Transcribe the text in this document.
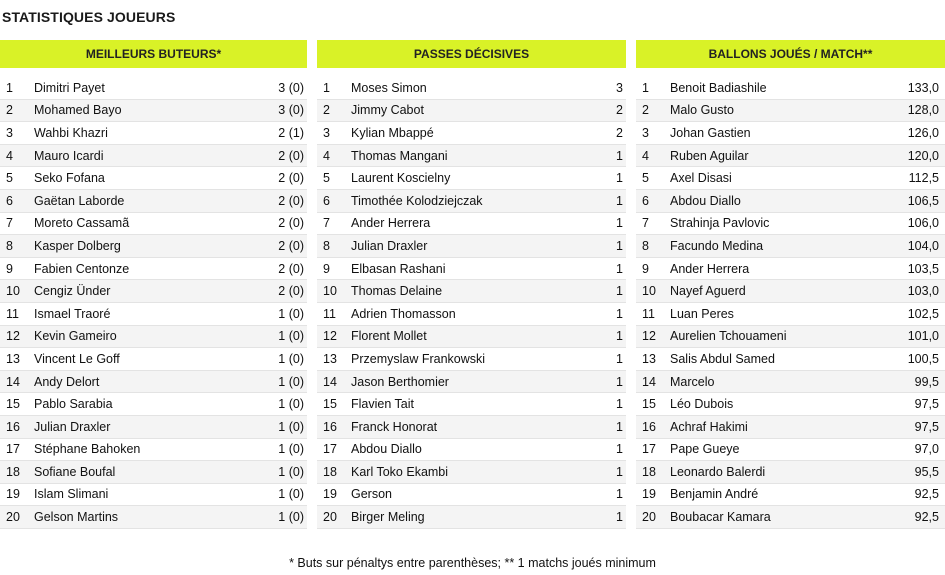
STATISTIQUES JOUEURS
MEILLEURS BUTEURS*
1	Dimitri Payet	3 (0)
2	Mohamed Bayo	3 (0)
3	Wahbi Khazri	2 (1)
4	Mauro Icardi	2 (0)
5	Seko Fofana	2 (0)
6	Gaëtan Laborde	2 (0)
7	Moreto Cassamã	2 (0)
8	Kasper Dolberg	2 (0)
9	Fabien Centonze	2 (0)
10	Cengiz Ünder	2 (0)
11	Ismael Traoré	1 (0)
12	Kevin Gameiro	1 (0)
13	Vincent Le Goff	1 (0)
14	Andy Delort	1 (0)
15	Pablo Sarabia	1 (0)
16	Julian Draxler	1 (0)
17	Stéphane Bahoken	1 (0)
18	Sofiane Boufal	1 (0)
19	Islam Slimani	1 (0)
20	Gelson Martins	1 (0)
PASSES DÉCISIVES
1	Moses Simon	3
2	Jimmy Cabot	2
3	Kylian Mbappé	2
4	Thomas Mangani	1
5	Laurent Koscielny	1
6	Timothée Kolodziejczak	1
7	Ander Herrera	1
8	Julian Draxler	1
9	Elbasan Rashani	1
10	Thomas Delaine	1
11	Adrien Thomasson	1
12	Florent Mollet	1
13	Przemyslaw Frankowski	1
14	Jason Berthomier	1
15	Flavien Tait	1
16	Franck Honorat	1
17	Abdou Diallo	1
18	Karl Toko Ekambi	1
19	Gerson	1
20	Birger Meling	1
BALLONS JOUÉS / MATCH**
1	Benoit Badiashile	133,0
2	Malo Gusto	128,0
3	Johan Gastien	126,0
4	Ruben Aguilar	120,0
5	Axel Disasi	112,5
6	Abdou Diallo	106,5
7	Strahinja Pavlovic	106,0
8	Facundo Medina	104,0
9	Ander Herrera	103,5
10	Nayef Aguerd	103,0
11	Luan Peres	102,5
12	Aurelien Tchouameni	101,0
13	Salis Abdul Samed	100,5
14	Marcelo	99,5
15	Léo Dubois	97,5
16	Achraf Hakimi	97,5
17	Pape Gueye	97,0
18	Leonardo Balerdi	95,5
19	Benjamin André	92,5
20	Boubacar Kamara	92,5
* Buts sur pénaltys entre parenthèses; ** 1 matchs joués minimum
